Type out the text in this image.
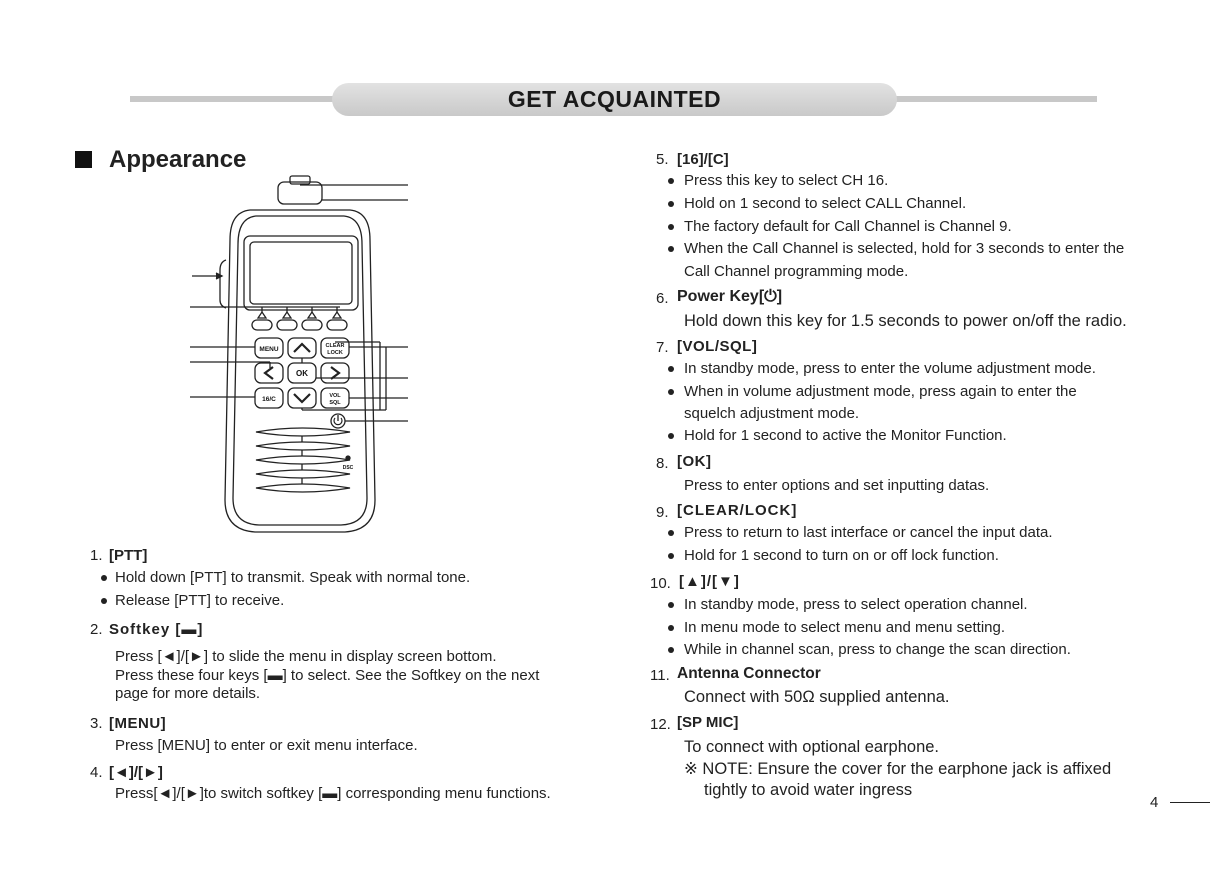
GET ACQUAINTED
Appearance
MENU	CLEAR
LOCK
OK
16/C	VOL
SQL
DSC
1. [PTT]
Hold down [PTT] to transmit. Speak with normal tone.
Release [PTT] to receive.
2. Softkey [▬]
Press [◄]/[►] to slide the menu in display screen bottom.
Press these four keys [▬] to select. See the Softkey on the next
page for more details.
3. [MENU]
Press [MENU] to enter or exit menu interface.
4. [◄]/[►]
Press[◄]/[►]to switch softkey [▬] corresponding menu functions.
5. [16]/[C]
Press this key to select CH 16.
Hold on 1 second to select CALL Channel.
The factory default for Call Channel is Channel 9.
When the Call Channel is selected, hold for 3 seconds to enter the
Call Channel programming mode.
6. Power Key[⏻]
Hold down this key for 1.5 seconds to power on/off the radio.
7. [VOL/SQL]
In standby mode, press to enter the volume adjustment mode.
When in volume adjustment mode, press again to enter the
squelch adjustment mode.
Hold for 1 second to active the Monitor Function.
8. [OK]
Press to enter options and set inputting datas.
9. [CLEAR/LOCK]
Press to return to last interface or cancel the input data.
Hold for 1 second to turn on or off lock function.
10. [▲]/[▼]
In standby mode, press to select operation channel.
In menu mode to select menu and menu setting.
While in channel scan, press to change the scan direction.
11. Antenna Connector
Connect with 50Ω supplied antenna.
12. [SP MIC]
To connect with optional earphone.
※ NOTE: Ensure the cover for the earphone jack is affixed
tightly to avoid water ingress
4
